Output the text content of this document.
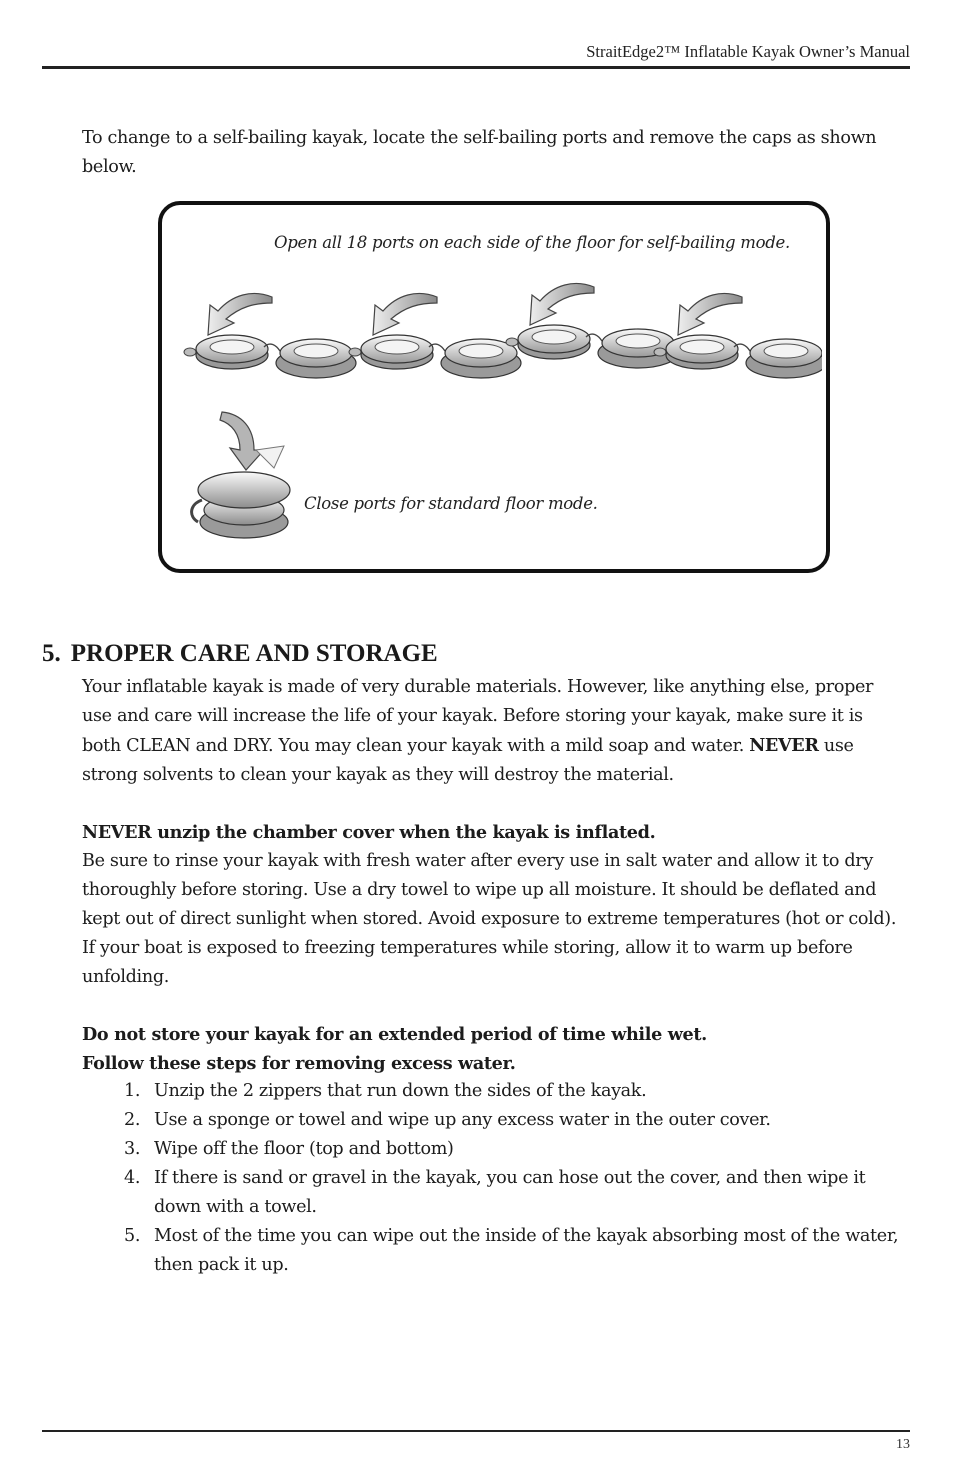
StraitEdge2™ Inflatable Kayak Owner’s Manual

To change to a self-bailing kayak, locate the self-bailing ports and remove the caps as shown below.

Open all 18 ports on each side of the floor for self-bailing mode.
Close ports for standard floor mode.
5. PROPER CARE AND STORAGE

Your inflatable kayak is made of very durable materials. However, like anything else, proper use and care will increase the life of your kayak. Before storing your kayak, make sure it is both CLEAN and DRY. You may clean your kayak with a mild soap and water. NEVER use strong solvents to clean your kayak as they will destroy the material.

NEVER unzip the chamber cover when the kayak is inflated.

Be sure to rinse your kayak with fresh water after every use in salt water and allow it to dry thoroughly before storing. Use a dry towel to wipe up all moisture. It should be deflated and kept out of direct sunlight when stored. Avoid exposure to extreme temperatures (hot or cold). If your boat is exposed to freezing temperatures while storing, allow it to warm up before unfolding.

Do not store your kayak for an extended period of time while wet.

Follow these steps for removing excess water.

1. Unzip the 2 zippers that run down the sides of the kayak.
2. Use a sponge or towel and wipe up any excess water in the outer cover.
3. Wipe off the floor (top and bottom)
4. If there is sand or gravel in the kayak, you can hose out the cover, and then wipe it down with a towel.
5. Most of the time you can wipe out the inside of the kayak absorbing most of the water, then pack it up.
13
